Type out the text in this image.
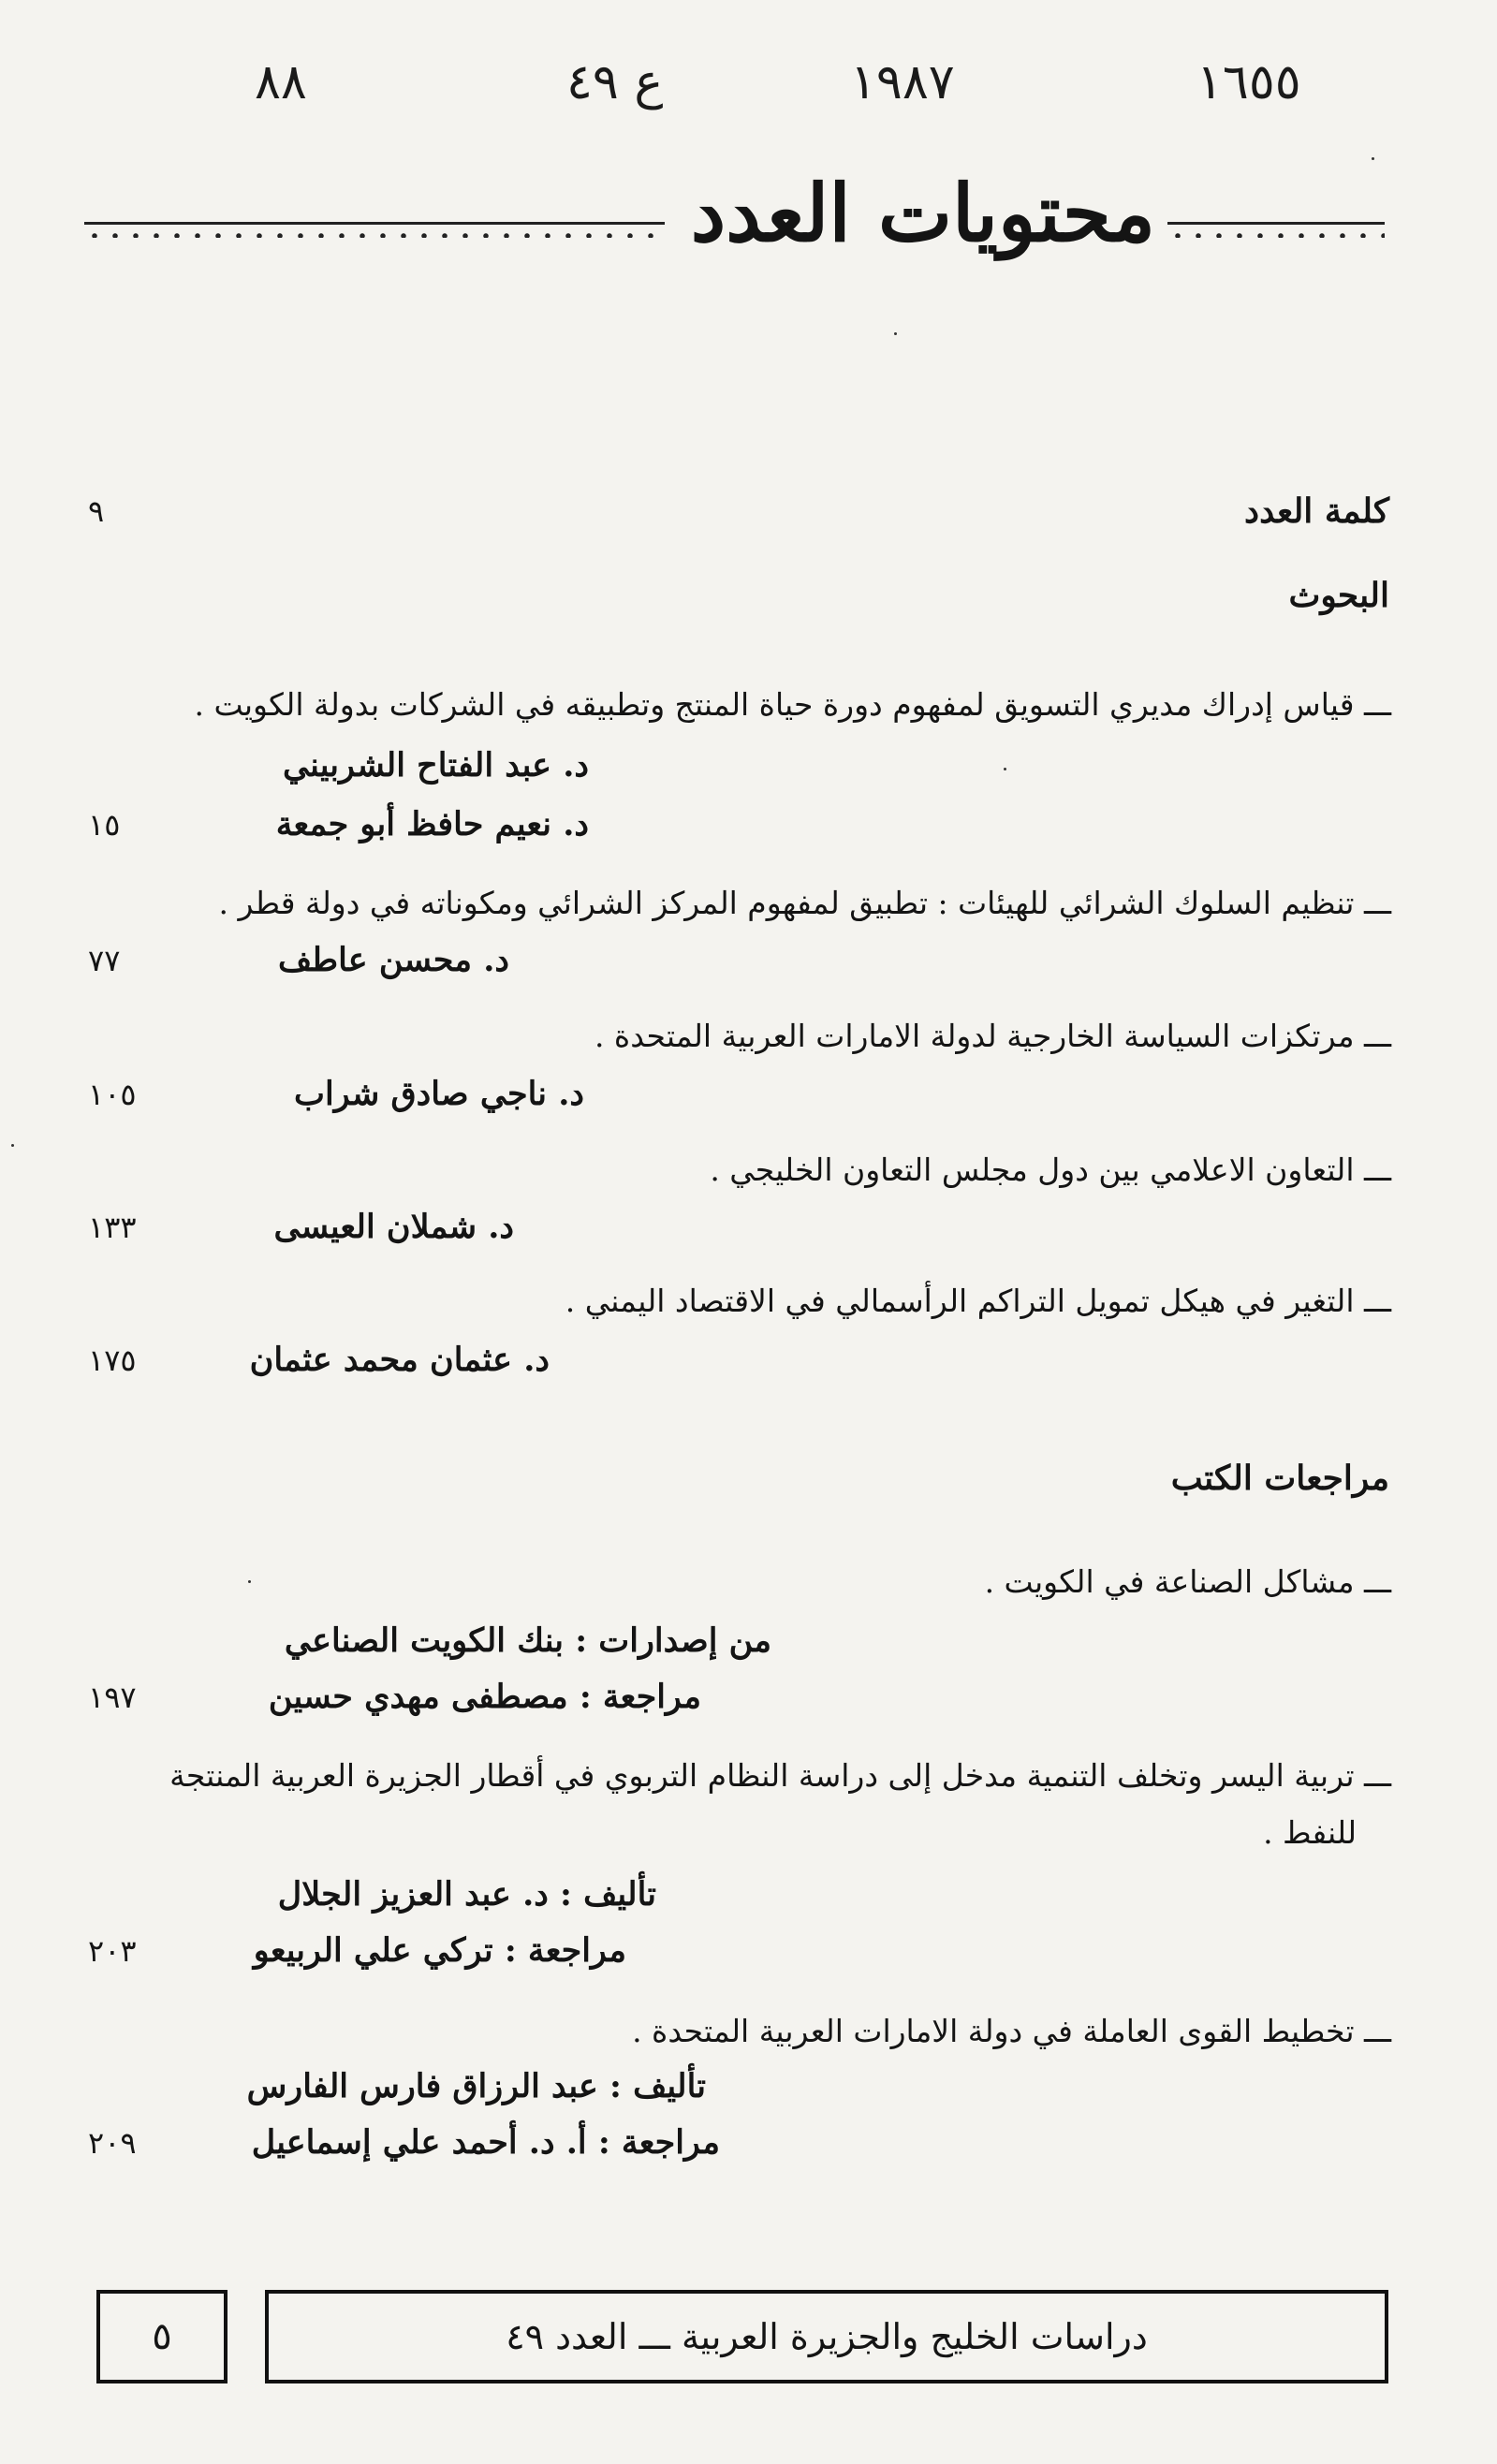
٨٨	ع ٤٩	١٩٨٧	١٦٥٥
محتويات العدد
كلمة العدد
٩
البحوث
ـــ قياس إدراك مديري التسويق لمفهوم دورة حياة المنتج وتطبيقه في الشركات بدولة الكويت .
د. عبد الفتاح الشربيني
د. نعيم حافظ أبو جمعة
١٥
ـــ تنظيم السلوك الشرائي للهيئات : تطبيق لمفهوم المركز الشرائي ومكوناته في دولة قطر .
د. محسن عاطف
٧٧
ـــ مرتكزات السياسة الخارجية لدولة الامارات العربية المتحدة .
د. ناجي صادق شراب
١٠٥
ـــ التعاون الاعلامي بين دول مجلس التعاون الخليجي .
د. شملان العيسى
١٣٣
ـــ التغير في هيكل تمويل التراكم الرأسمالي في الاقتصاد اليمني .
د. عثمان محمد عثمان
١٧٥
مراجعات الكتب
ـــ مشاكل الصناعة في الكويت .
من إصدارات : بنك الكويت الصناعي
مراجعة : مصطفى مهدي حسين
١٩٧
ـــ تربية اليسر وتخلف التنمية مدخل إلى دراسة النظام التربوي في أقطار الجزيرة العربية المنتجة
للنفط .
تأليف : د. عبد العزيز الجلال
مراجعة : تركي علي الربيعو
٢٠٣
ـــ تخطيط القوى العاملة في دولة الامارات العربية المتحدة .
تأليف : عبد الرزاق فارس الفارس
مراجعة : أ. د. أحمد علي إسماعيل
٢٠٩
٥	دراسات الخليج والجزيرة العربية ـــ العدد ٤٩
